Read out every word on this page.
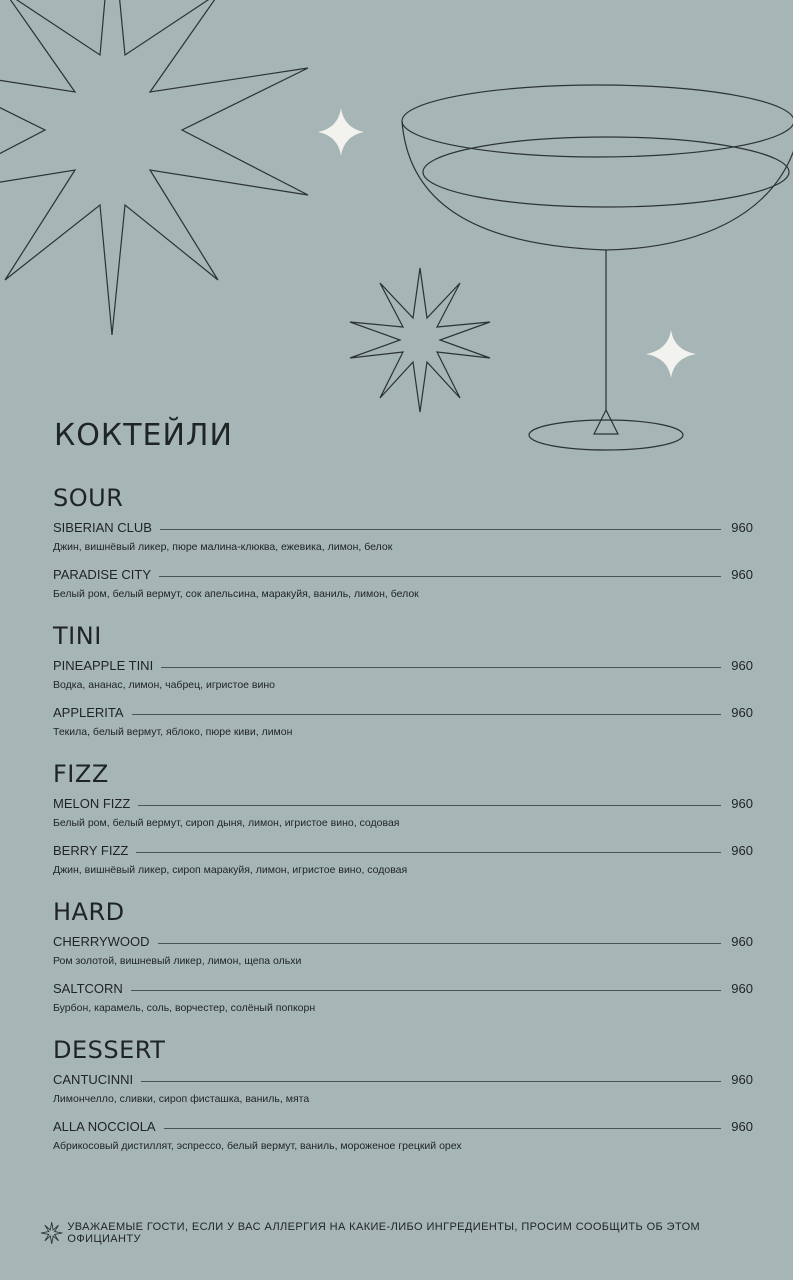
КОКТЕЙЛИ
SOUR
SIBERIAN CLUB	960
Джин, вишнёвый ликер, пюре малина-клюква, ежевика, лимон, белок
PARADISE CITY	960
Белый ром, белый вермут, сок апельсина, маракуйя, ваниль, лимон, белок
TINI
PINEAPPLE TINI	960
Водка, ананас, лимон, чабрец, игристое вино
APPLERITA	960
Текила, белый вермут, яблоко, пюре киви, лимон
FIZZ
MELON FIZZ	960
Белый ром, белый вермут, сироп дыня, лимон, игристое вино, содовая
BERRY FIZZ	960
Джин, вишнёвый ликер, сироп маракуйя, лимон, игристое вино, содовая
HARD
CHERRYWOOD	960
Ром золотой, вишневый ликер, лимон, щепа ольхи
SALTCORN	960
Бурбон, карамель, соль, ворчестер, солёный попкорн
DESSERT
CANTUCINNI	960
Лимончелло, сливки, сироп фисташка, ваниль, мята
ALLA NOCCIOLA	960
Абрикосовый дистиллят, эспрессо, белый вермут, ваниль, мороженое грецкий орех
УВАЖАЕМЫЕ ГОСТИ, ЕСЛИ У ВАС АЛЛЕРГИЯ НА КАКИЕ-ЛИБО ИНГРЕДИЕНТЫ, ПРОСИМ СООБЩИТЬ ОБ ЭТОМ ОФИЦИАНТУ
